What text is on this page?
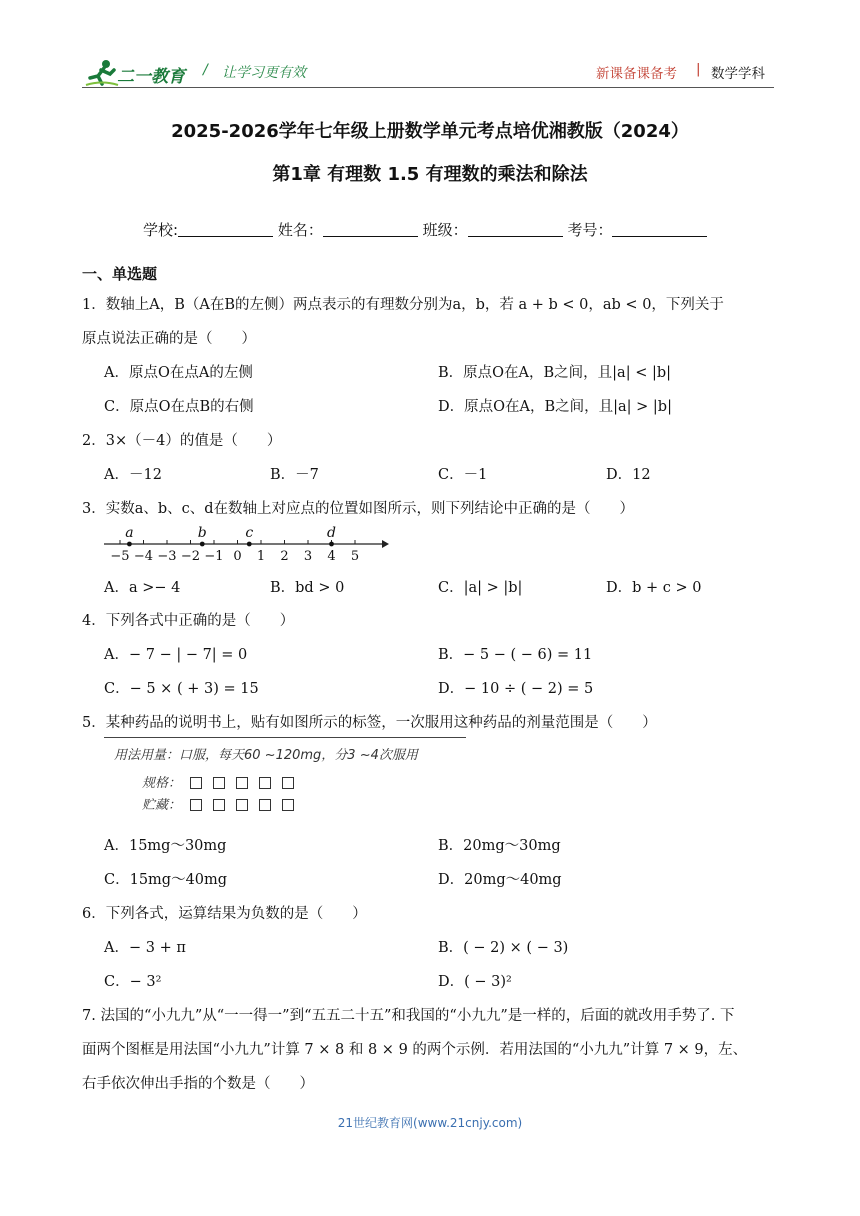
二一教育 / 让学习更有效	新课备课备考 | 数学学科
2025-2026学年七年级上册数学单元考点培优湘教版（2024）
第1章 有理数 1.5 有理数的乘法和除法
学校:	姓名：	班级：	考号：
一、单选题
1．数轴上A，B（A在B的左侧）两点表示的有理数分别为a，b，若 a + b < 0，ab < 0，下列关于
原点说法正确的是（　　）
A．原点O在点A的左侧	B．原点O在A，B之间，且|a| < |b|
C．原点O在点B的右侧	D．原点O在A，B之间，且|a| > |b|
2．3×（－4）的值是（　　）
A．－12	B．－7	C．－1	D．12
3．实数a、b、c、d在数轴上对应点的位置如图所示，则下列结论中正确的是（　　）
−5 −4 −3 −2 −1 0 1 2 3 4 5
a	b	c	d
A．a >− 4	B．bd > 0	C．|a| > |b|	D．b + c > 0
4．下列各式中正确的是（　　）
A．− 7 − | − 7| = 0	B．− 5 − ( − 6) = 11
C．− 5 × ( + 3) = 15	D．− 10 ÷ ( − 2) = 5
5．某种药品的说明书上，贴有如图所示的标签，一次服用这种药品的剂量范围是（　　）
用法用量：口服，每天60 ~120mg，分3 ~4次服用
规格：
贮藏：
A．15mg～30mg	B．20mg～30mg
C．15mg～40mg	D．20mg～40mg
6．下列各式，运算结果为负数的是（　　）
A．− 3 + π	B．( − 2) × ( − 3)
C．− 3²	D．( − 3)²
7. 法国的“小九九”从“一一得一”到“五五二十五”和我国的“小九九”是一样的，后面的就改用手势了. 下
面两个图框是用法国“小九九”计算 7 × 8 和 8 × 9 的两个示例．若用法国的“小九九”计算 7 × 9，左、
右手依次伸出手指的个数是（　　）
21世纪教育网(www.21cnjy.com)
